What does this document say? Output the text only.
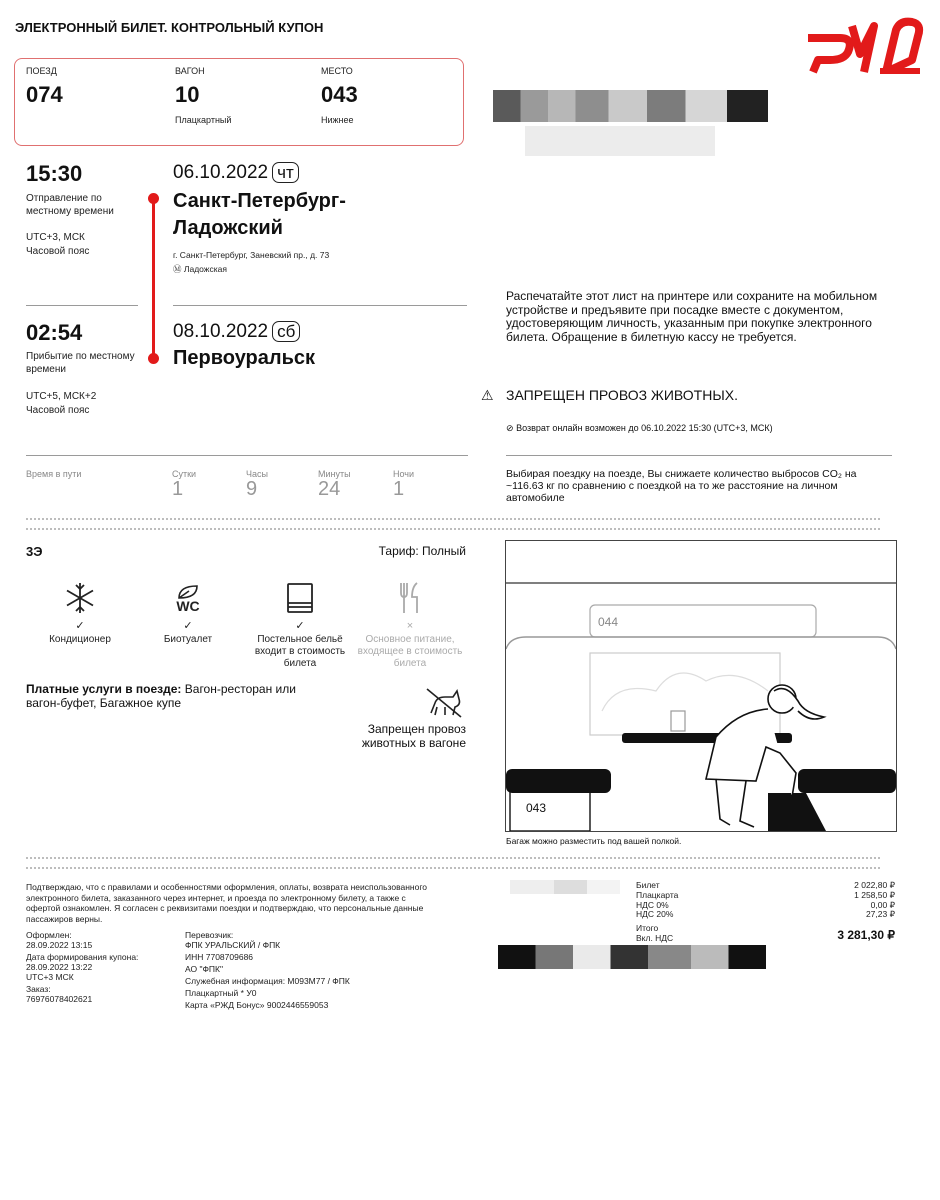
ЭЛЕКТРОННЫЙ БИЛЕТ. КОНТРОЛЬНЫЙ КУПОН
ПОЕЗД
074
ВАГОН
10
Плацкартный
МЕСТО
043
Нижнее
15:30
Отправление по местному времени
UTC+3, МСК
Часовой пояс
06.10.2022 чт
Санкт-Петербург-Ладожский
г. Санкт-Петербург, Заневский пр., д. 73
Ⓜ Ладожская
02:54
Прибытие по местному времени
UTC+5, МСК+2
Часовой пояс
08.10.2022 сб
Первоуральск
Время в пути	Сутки
1
Часы
9
Минуты
24
Ночи
1
Распечатайте этот лист на принтере или сохраните на мобильном устройстве и предъявите при посадке вместе с документом, удостоверяющим личность, указанным при покупке электронного билета. Обращение в билетную кассу не требуется.
⚠ ЗАПРЕЩЕН ПРОВОЗ ЖИВОТНЫХ.
⊘ Возврат онлайн возможен до 06.10.2022 15:30 (UTC+3, МСК)
Выбирая поездку на поезде, Вы снижаете количество выбросов CO₂ на ~116.63 кг по сравнению с поездкой на то же расстояние на личном автомобиле
3Э	Тариф: Полный
✓
Кондиционер
WC
✓
Биотуалет
✓
Постельное бельё входит в стоимость билета
×
Основное питание, входящее в стоимость билета
Платные услуги в поезде: Вагон-ресторан или вагон-буфет, Багажное купе
Запрещен провоз животных в вагоне
044
043
Багаж можно разместить под вашей полкой.
Подтверждаю, что с правилами и особенностями оформления, оплаты, возврата неиспользованного электронного билета, заказанного через интернет, и проезда по электронному билету, а также с офертой ознакомлен. Я согласен с реквизитами поездки и подтверждаю, что персональные данные пассажиров верны.
Оформлен:
28.09.2022 13:15
Дата формирования купона:
28.09.2022 13:22
UTC+3 МСК
Заказ:
76976078402621
Перевозчик:
ФПК УРАЛЬСКИЙ / ФПК
ИНН 7708709686
АО "ФПК"
Служебная информация: М093М77 / ФПК
Плацкартный * У0
Карта «РЖД Бонус» 9002446559053
Билет	2 022,80 ₽
Плацкарта	1 258,50 ₽
НДС 0%	0,00 ₽
НДС 20%	27,23 ₽
Итого
Вкл. НДС	3 281,30 ₽
